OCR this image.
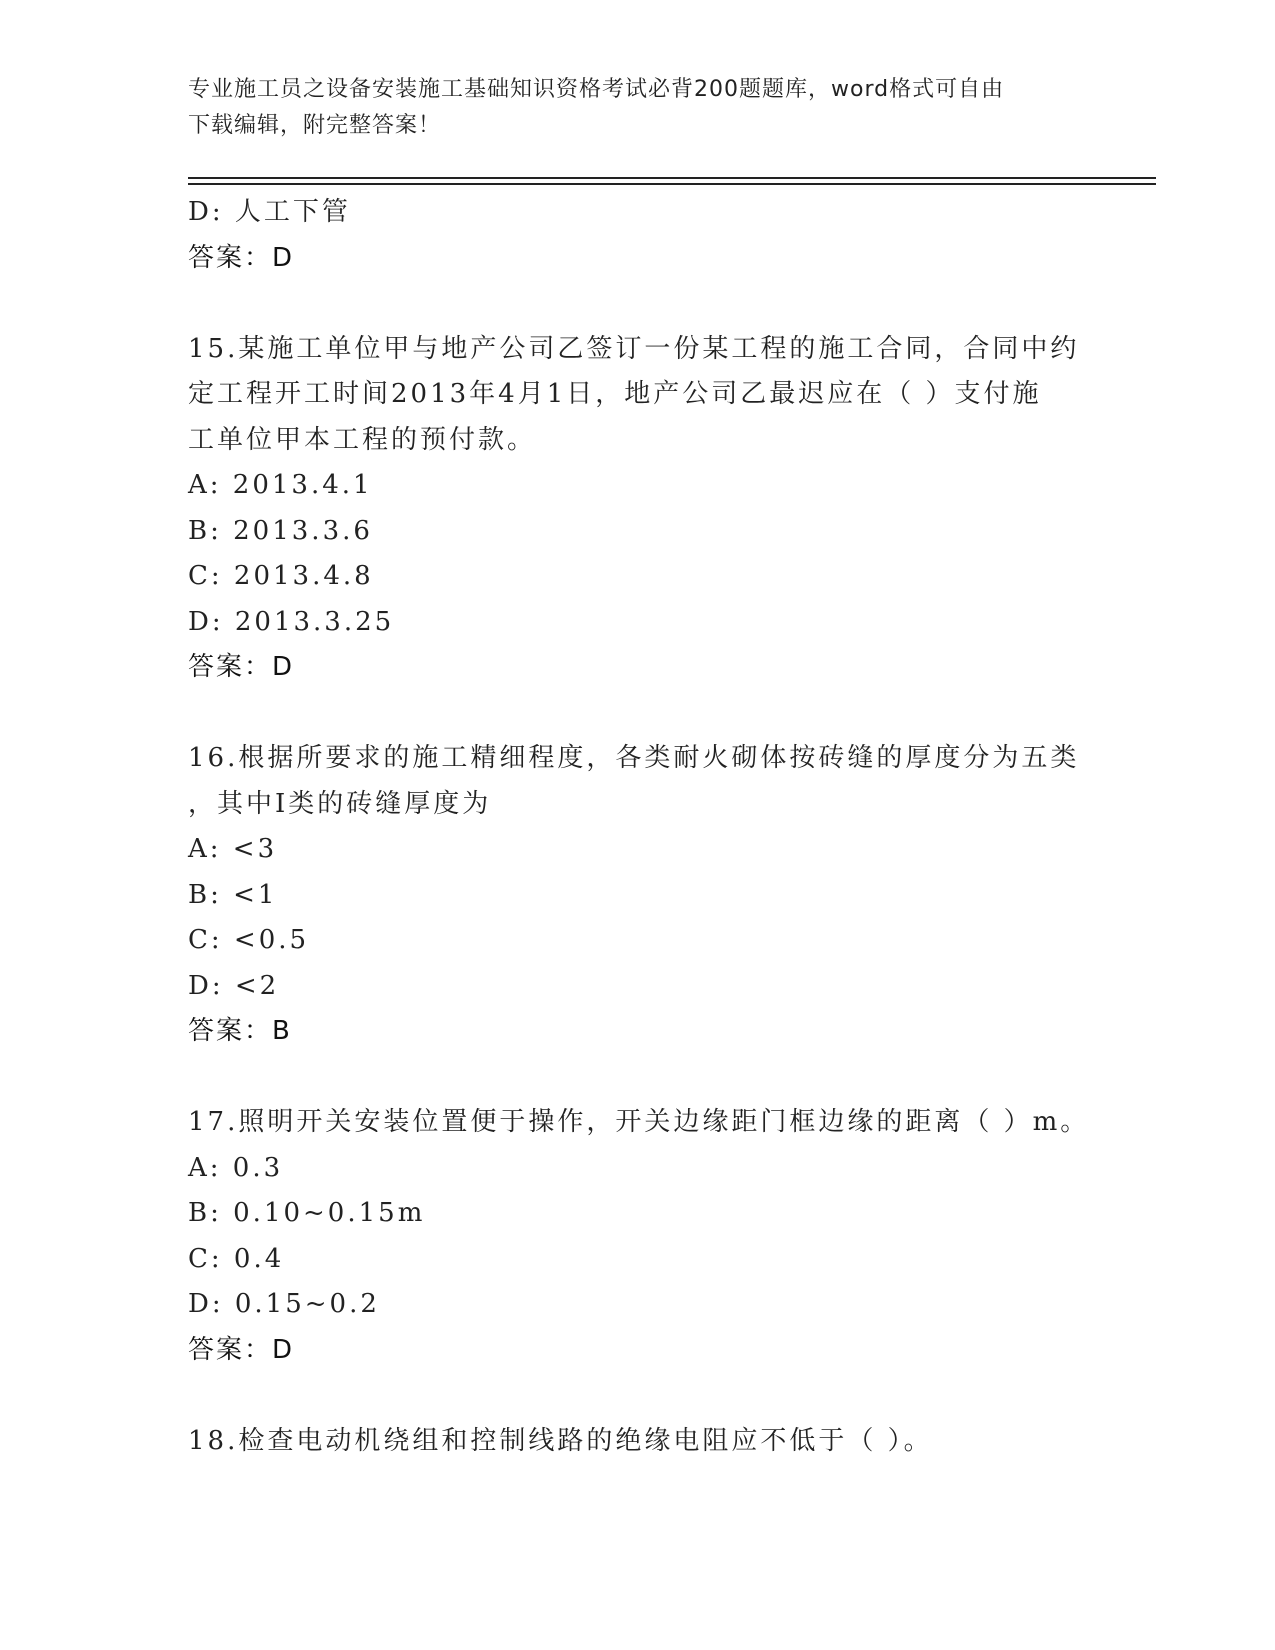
专业施工员之设备安装施工基础知识资格考试必背200题题库，word格式可自由
下载编辑，附完整答案！
D: 人工下管
答案：D
15.某施工单位甲与地产公司乙签订一份某工程的施工合同，合同中约
定工程开工时间2013年4月1日，地产公司乙最迟应在（ ）支付施
工单位甲本工程的预付款。
A: 2013.4.1
B: 2013.3.6
C: 2013.4.8
D: 2013.3.25
答案：D
16.根据所要求的施工精细程度，各类耐火砌体按砖缝的厚度分为五类
，其中Ⅰ类的砖缝厚度为
A: <3
B: <1
C: <0.5
D: <2
答案：B
17.照明开关安装位置便于操作，开关边缘距门框边缘的距离（ ）m。
A: 0.3
B: 0.10~0.15m
C: 0.4
D: 0.15~0.2
答案：D
18.检查电动机绕组和控制线路的绝缘电阻应不低于（ ）。
